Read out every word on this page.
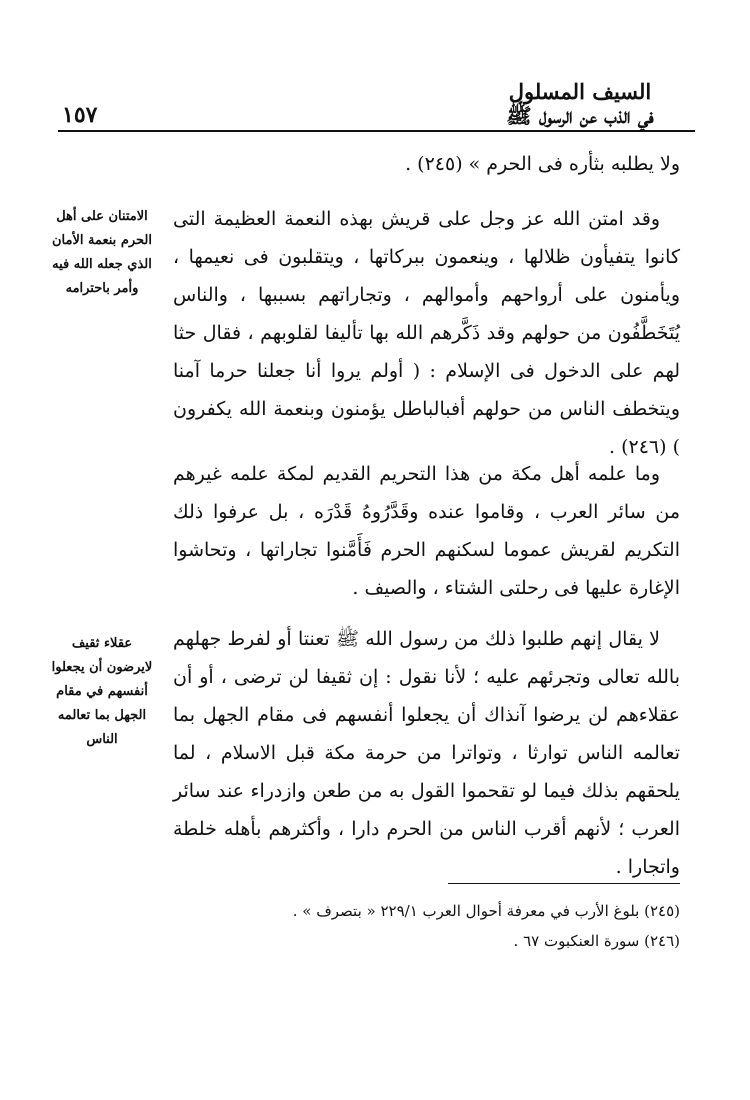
السيف المسلول
في الذب عن الرسول ﷺ
١٥٧

ولا يطلبه بثأره فى الحرم » (٢٤٥) .

وقد امتن الله عز وجل على قريش بهذه النعمة العظيمة التى كانوا يتفيأون ظلالها ، وينعمون ببركاتها ، ويتقلبون فى نعيمها ، ويأمنون على أرواحهم وأموالهم ، وتجاراتهم بسببها ، والناس يُتَخَطَّفُون من حولهم وقد ذَكَّرهم الله بها تأليفا لقلوبهم ، فقال حثا لهم على الدخول فى الإسلام : ( أولم يروا أنا جعلنا حرما آمنا ويتخطف الناس من حولهم أفبالباطل يؤمنون وبنعمة الله يكفرون ) (٢٤٦) .

وما علمه أهل مكة من هذا التحريم القديم لمكة علمه غيرهم من سائر العرب ، وقاموا عنده وقَدَّرُوهُ قَدْرَه ، بل عرفوا ذلك التكريم لقريش عموما لسكنهم الحرم فَأَمَّنوا تجاراتها ، وتحاشوا الإغارة عليها فى رحلتى الشتاء ، والصيف .

لا يقال إنهم طلبوا ذلك من رسول الله ﷺ تعنتا أو لفرط جهلهم بالله تعالى وتجرئهم عليه ؛ لأنا نقول : إن ثقيفا لن ترضى ، أو أن عقلاءهم لن يرضوا آنذاك أن يجعلوا أنفسهم فى مقام الجهل بما تعالمه الناس توارثا ، وتواترا من حرمة مكة قبل الاسلام ، لما يلحقهم بذلك فيما لو تقحموا القول به من طعن وازدراء عند سائر العرب ؛ لأنهم أقرب الناس من الحرم دارا ، وأكثرهم بأهله خلطة واتجارا .

الامتنان على أهل الحرم بنعمة الأمان الذي جعله الله فيه وأمر باحترامه
عقلاء ثقيف لايرضون أن يجعلوا أنفسهم في مقام الجهل بما تعالمه الناس
(٢٤٥) بلوغ الأرب في معرفة أحوال العرب ٢٢٩/١ « بتصرف » .
(٢٤٦) سورة العنكبوت ٦٧ .
